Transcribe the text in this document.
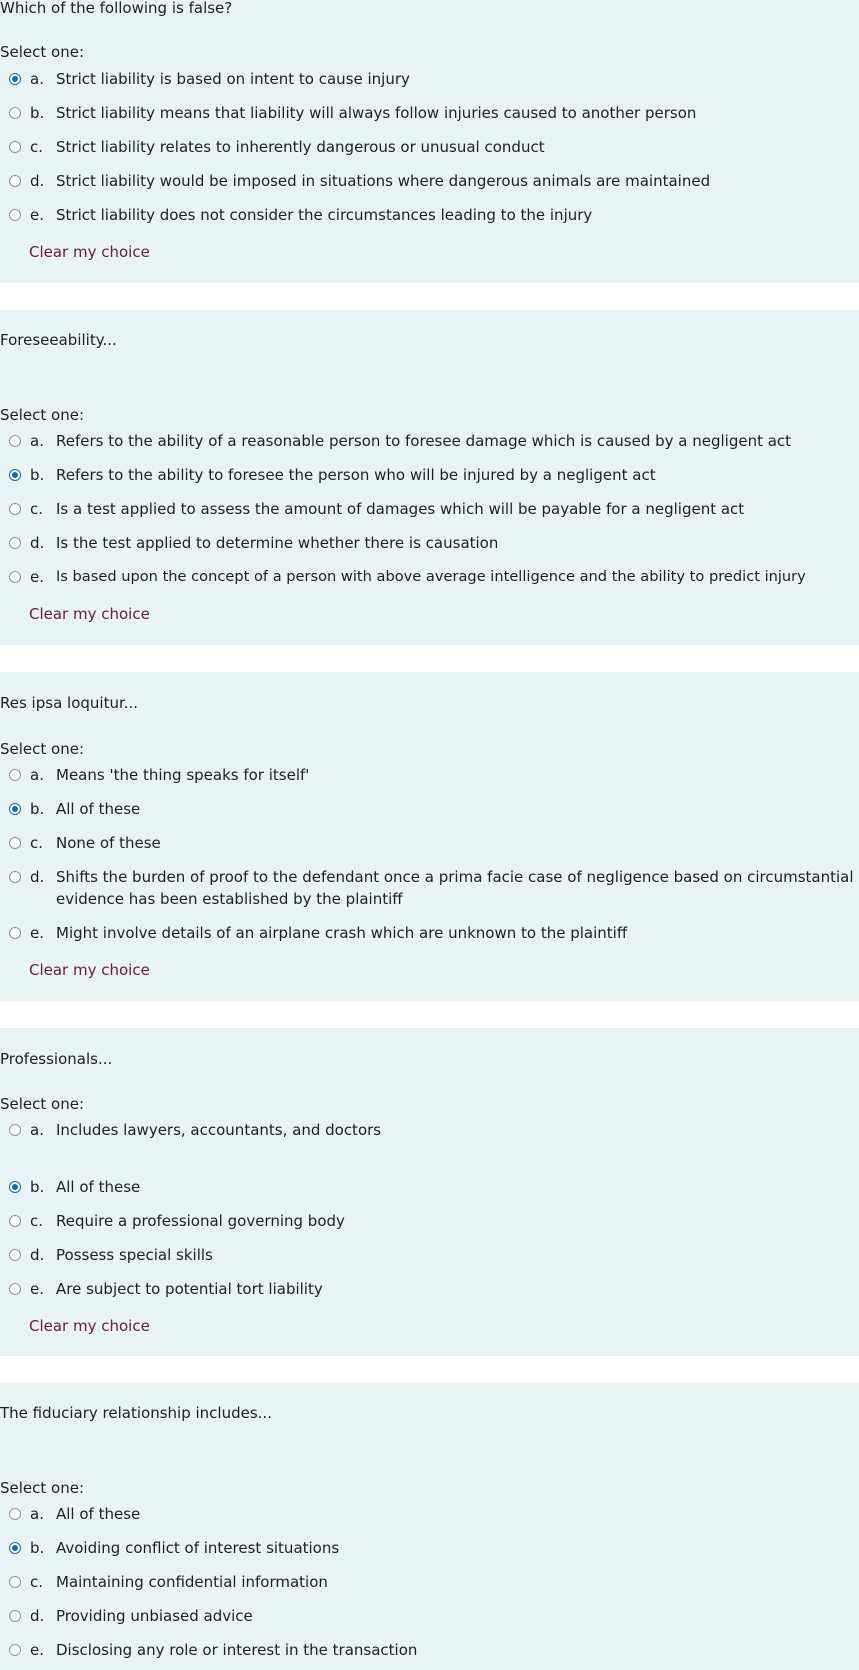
Which of the following is false?
Select one:
a. Strict liability is based on intent to cause injury
b. Strict liability means that liability will always follow injuries caused to another person
c. Strict liability relates to inherently dangerous or unusual conduct
d. Strict liability would be imposed in situations where dangerous animals are maintained
e. Strict liability does not consider the circumstances leading to the injury
Clear my choice
Foreseeability...
Select one:
a. Refers to the ability of a reasonable person to foresee damage which is caused by a negligent act
b. Refers to the ability to foresee the person who will be injured by a negligent act
c. Is a test applied to assess the amount of damages which will be payable for a negligent act
d. Is the test applied to determine whether there is causation
e. Is based upon the concept of a person with above average intelligence and the ability to predict injury
Clear my choice
Res ipsa loquitur...
Select one:
a. Means 'the thing speaks for itself'
b. All of these
c. None of these
d. Shifts the burden of proof to the defendant once a prima facie case of negligence based on circumstantial evidence has been established by the plaintiff
e. Might involve details of an airplane crash which are unknown to the plaintiff
Clear my choice
Professionals...
Select one:
a. Includes lawyers, accountants, and doctors
b. All of these
c. Require a professional governing body
d. Possess special skills
e. Are subject to potential tort liability
Clear my choice
The fiduciary relationship includes...
Select one:
a. All of these
b. Avoiding conflict of interest situations
c. Maintaining confidential information
d. Providing unbiased advice
e. Disclosing any role or interest in the transaction
